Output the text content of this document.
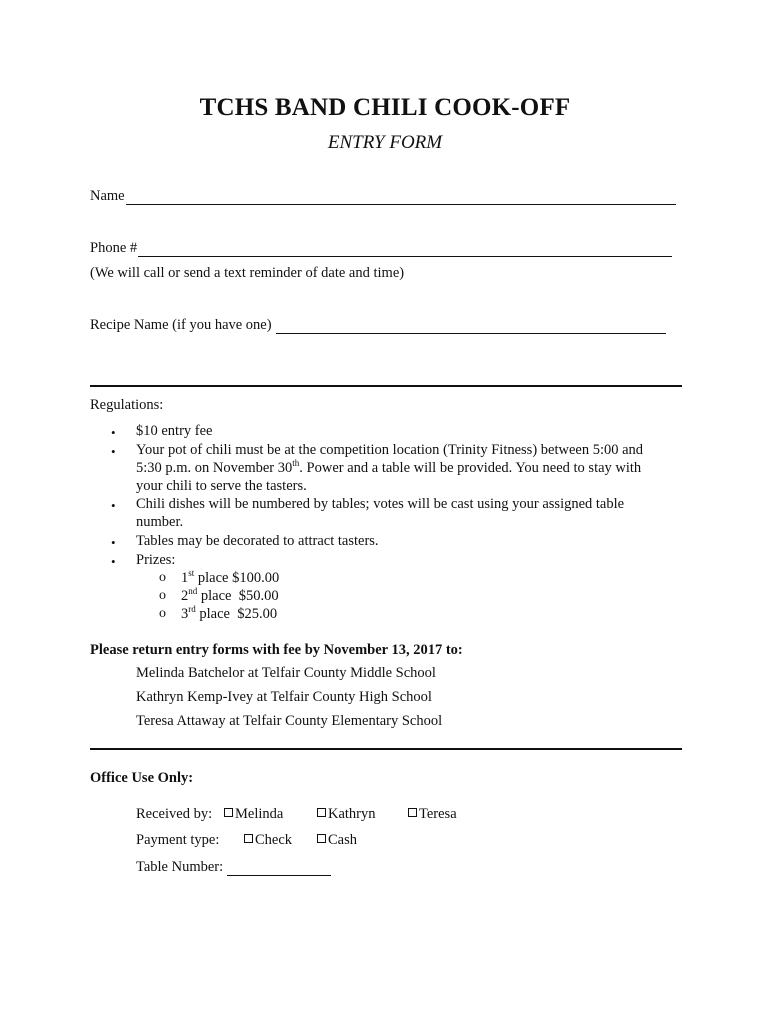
TCHS BAND CHILI COOK-OFF
ENTRY FORM
Name
Phone #
(We will call or send a text reminder of date and time)
Recipe Name (if you have one)
Regulations:
• $10 entry fee
• Your pot of chili must be at the competition location (Trinity Fitness) between 5:00 and
5:30 p.m. on November 30th. Power and a table will be provided. You need to stay with
your chili to serve the tasters.
• Chili dishes will be numbered by tables; votes will be cast using your assigned table
number.
• Tables may be decorated to attract tasters.
• Prizes:
o 1st place $100.00
o 2nd place  $50.00
o 3rd place  $25.00
Please return entry forms with fee by November 13, 2017 to:
Melinda Batchelor at Telfair County Middle School
Kathryn Kemp-Ivey at Telfair County High School
Teresa Attaway at Telfair County Elementary School
Office Use Only:
Received by:	Melinda	Kathryn	Teresa
Payment type:	Check	Cash
Table Number:
